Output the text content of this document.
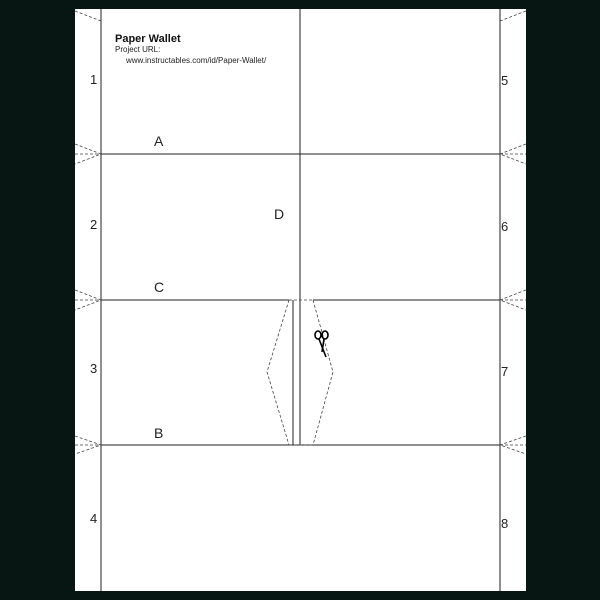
Paper Wallet
Project URL:
www.instructables.com/id/Paper-Wallet/
1
2
3
4
5
6
7
8
A
D
C
B
